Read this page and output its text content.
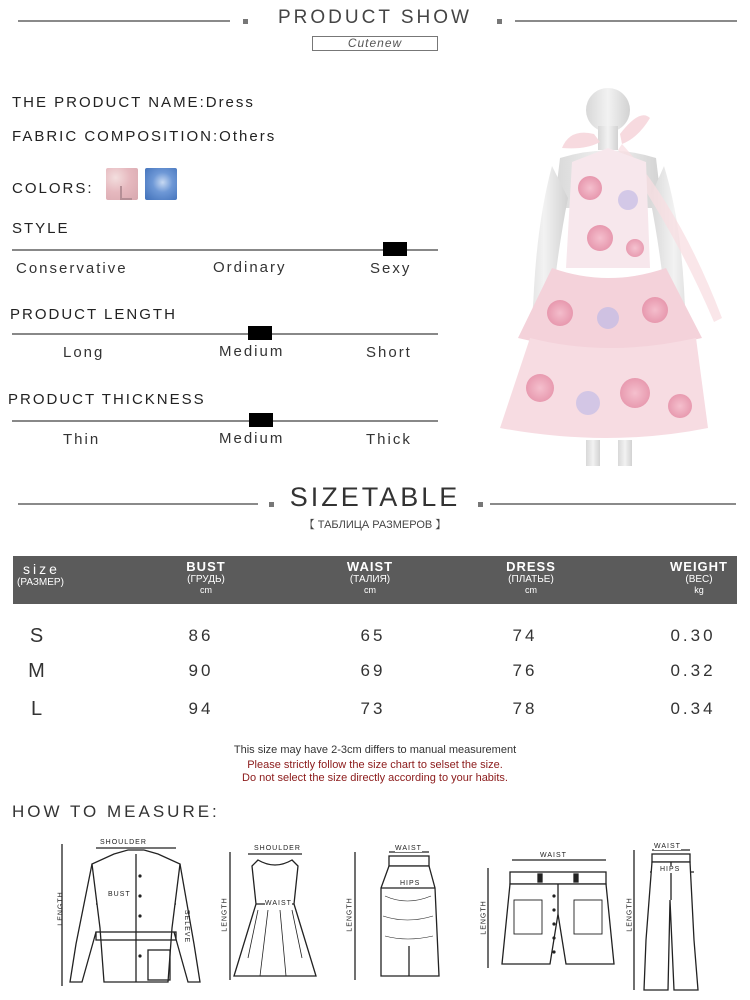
PRODUCT SHOW
Cutenew
THE PRODUCT NAME:Dress
FABRIC COMPOSITION:Others
COLORS:
STYLE
Conservative	Ordinary	Sexy
PRODUCT LENGTH
Long	Medium	Short
PRODUCT THICKNESS
Thin	Medium	Thick
SIZETABLE
【 ТАБЛИЦА РАЗМЕРОВ 】
size
(РАЗМЕР)
BUST
(ГРУДЬ)
cm
WAIST
(ТАЛИЯ)
cm
DRESS
(ПЛАТЬЕ)
cm
WEIGHT
(ВЕС)
kg
S	86	65	74	0.30
M	90	69	76	0.32
L	94	73	78	0.34
This size may have 2-3cm differs to manual measurement
Please strictly follow the size chart to selset the size.
Do not select the size directly according to your habits.
HOW TO MEASURE:
SHOULDER
BUST
LENGTH
SELEVE
SHOULDER
WAIST
LENGTH
WAIST
HIPS
LENGTH
WAIST
LENGTH
WAIST
HIPS
LENGTH
